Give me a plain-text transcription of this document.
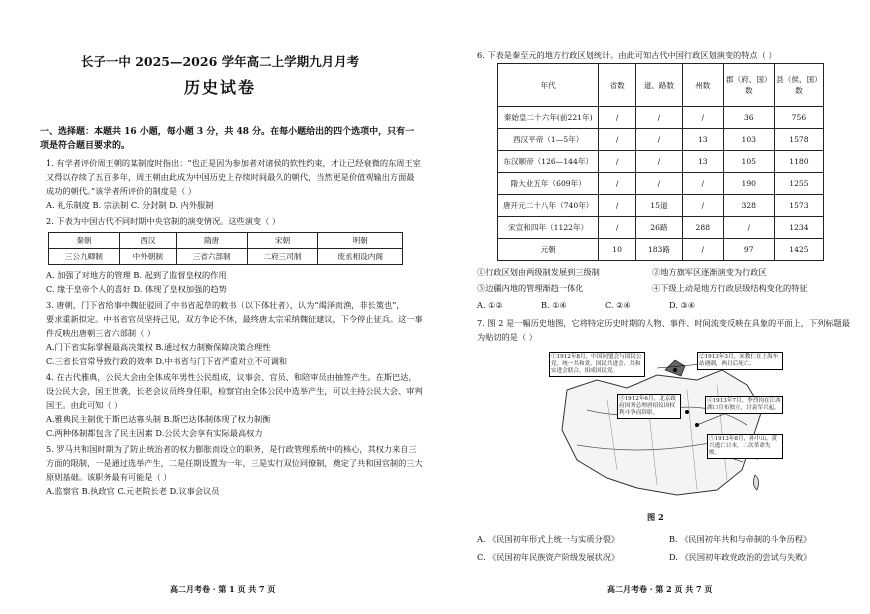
长子一中 2025—2026 学年高二上学期九月月考
历史试卷
一、选择题：本题共 16 小题，每小题 3 分，共 48 分。在每小题给出的四个选项中，只有一
项是符合题目要求的。
1. 有学者评价周王朝的某制度时指出：“也正是因为参加者对诸侯的软性约束，才让已经衰微的东周王室
又得以存续了五百多年，周王朝由此成为中国历史上存续时间最久的朝代，当然更是价值观输出方面最
成功的朝代。”该学者所评价的制度是（ ）
A. 礼乐制度 B. 宗法制 C. 分封制 D. 内外服制
2. 下表为中国古代不同时期中央官制的演变情况。这些演变（ ）
秦朝	西汉	隋唐	宋朝	明朝
三公九卿制	中外朝制	三省六部制	二府三司制	废丞相设内阁
A. 加强了对地方的管理 B. 起到了监督皇权的作用
C. 缘于皇帝个人的喜好 D. 体现了皇权加强的趋势
3. 唐朝，门下省给事中魏征驳回了中书省起草的敕书（以下体壮者），认为“竭泽而渔，非长策也”，
要求重新拟定。中书省官员坚持己见，双方争论不休，最终唐太宗采纳魏征建议，下令停止征兵。这一事
件反映出唐朝三省六部制（ ）
A.门下省实际掌握最高决策权 B.通过权力制衡保障决策合理性
C.三省长官常导致行政的效率 D.中书省与门下省严重对立不可调和
4. 在古代雅典，公民大会由全体成年男性公民组成，议事会、官员、和陪审员由抽签产生。在斯巴达，
设公民大会，国王世袭，长老会议员终身任职，检察官由全体公民中选举产生，可以主持公民大会、审判
国王。由此可知（ ）
A.雅典民主制优于斯巴达寡头制 B.斯巴达体制体现了权力制衡
C.两种体制都包含了民主因素 D.公民大会享有实际最高权力
5. 罗马共和国时期为了防止统治者的权力膨胀而设立的职务，是行政管理系统中的核心，其权力来自三
方面的限制，一是通过选举产生，二是任期设置为一年，三是实行双位同僚制，奠定了共和国官制的三大
原则基础。该职务最有可能是（ ）
A.监察官 B.执政官 C.元老院长老 D.议事会议员
高二月考卷 · 第 1 页 共 7 页
6. 下表是秦至元的地方行政区划统计。由此可知古代中国行政区划演变的特点（ ）
年代	省数	道、路数	州数	郡（府、国）数	县（侯、国）数
秦始皇二十六年(前221年)	/	/	/	36	756
西汉平帝（1—5年）	/	/	13	103	1578
东汉顺帝（126—144年）	/	/	13	105	1180
隋大业五年（609年）	/	/	/	190	1255
唐开元二十八年（740年）	/	15道	/	328	1573
宋宣和四年（1122年）	/	26路	288	/	1234
元朝	10	183路	/	97	1425
①行政区划由两级制发展到三级制	②地方旗军区逐渐演变为行政区
③边疆内地的管理渐趋一体化	④下级上动是地方行政层级结构变化的特征
A. ①②	B. ①④	C. ②④	D. ③④
7. 图 2 是一幅历史地图，它将特定历史时期的人物、事件、时间流变反映在具象的平面上，下列标题最
为贴切的是（ ）
①1912年8月，中国同盟会与国民公党、统一共和党、国民共进会、共和实进会联合，组成国民党。
②1913年3月，宋教仁在上海车站遇刺，两日后死亡。
③1912年6月，北京政府国务总理唐绍仪因权利斗争而辞职。
④1913年7月，李烈钧在江西湖口宣布独立，讨袁军兴起。
⑤1913年8月，孙中山、黄兴逃亡日本，二次革命失败。
图 2
A. 《民国初年形式上统一与实质分裂》	B. 《民国初年共和与帝制的斗争历程》
C. 《民国初年民族资产阶级发展状况》	D. 《民国初年政党政治的尝试与失败》
高二月考卷 · 第 2 页 共 7 页
